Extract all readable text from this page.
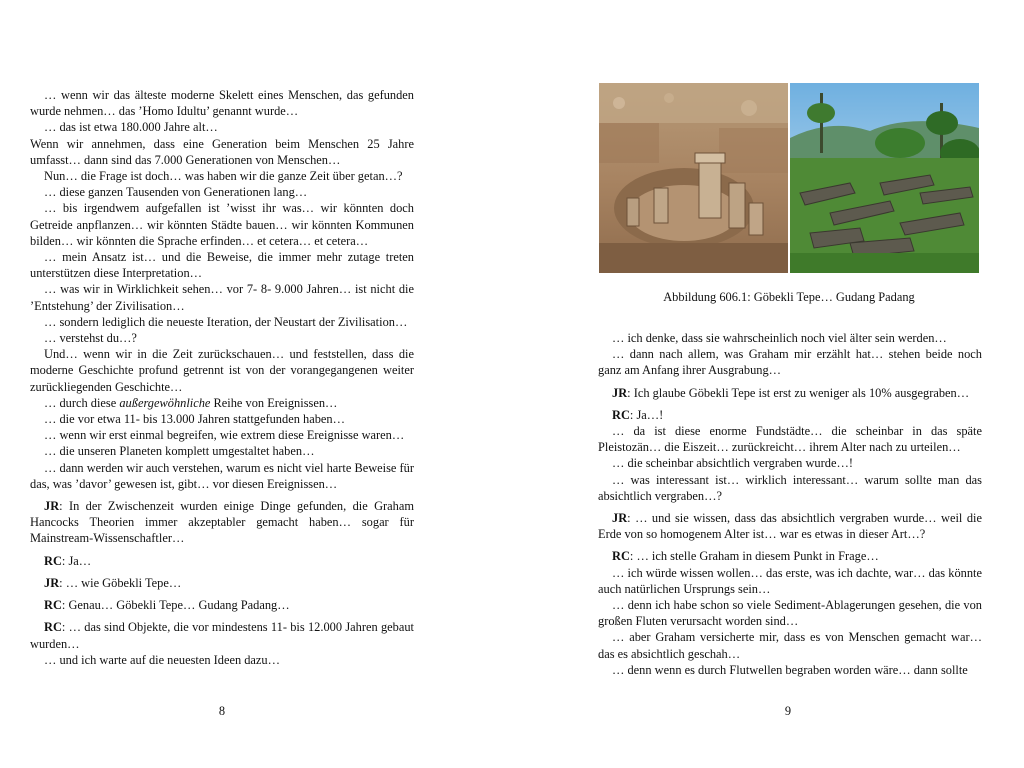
… wenn wir das älteste moderne Skelett eines Menschen, das gefunden wurde nehmen… das ’Homo Idultu’ genannt wurde…

… das ist etwa 180.000 Jahre alt…

Wenn wir annehmen, dass eine Generation beim Menschen 25 Jahre umfasst… dann sind das 7.000 Generationen von Menschen…

Nun… die Frage ist doch… was haben wir die ganze Zeit über getan…?

… diese ganzen Tausenden von Generationen lang…

… bis irgendwem aufgefallen ist ’wisst ihr was… wir könnten doch Getreide anpflanzen… wir könnten Städte bauen… wir könnten Kommunen bilden… wir könnten die Sprache erfinden… et cetera… et cetera…

… mein Ansatz ist… und die Beweise, die immer mehr zutage treten unterstützen diese Interpretation…

… was wir in Wirklichkeit sehen… vor 7- 8- 9.000 Jahren… ist nicht die ’Entstehung’ der Zivilisation…

… sondern lediglich die neueste Iteration, der Neustart der Zivilisation…

… verstehst du…?

Und… wenn wir in die Zeit zurückschauen… und feststellen, dass die moderne Geschichte profund getrennt ist von der vorangegangenen weiter zurückliegenden Geschichte…

… durch diese außergewöhnliche Reihe von Ereignissen…

… die vor etwa 11- bis 13.000 Jahren stattgefunden haben…

… wenn wir erst einmal begreifen, wie extrem diese Ereignisse waren…

… die unseren Planeten komplett umgestaltet haben…

… dann werden wir auch verstehen, warum es nicht viel harte Beweise für das, was ’davor’ gewesen ist, gibt… vor diesen Ereignissen…

JR: In der Zwischenzeit wurden einige Dinge gefunden, die Graham Hancocks Theorien immer akzeptabler gemacht haben… sogar für Mainstream-Wissenschaftler…

RC: Ja…

JR: … wie Göbekli Tepe…

RC: Genau… Göbekli Tepe… Gudang Padang…

RC: … das sind Objekte, die vor mindestens 11- bis 12.000 Jahren gebaut wurden…

… und ich warte auf die neuesten Ideen dazu…

8
Abbildung 606.1: Göbekli Tepe… Gudang Padang

… ich denke, dass sie wahrscheinlich noch viel älter sein werden…

… dann nach allem, was Graham mir erzählt hat… stehen beide noch ganz am Anfang ihrer Ausgrabung…

JR: Ich glaube Göbekli Tepe ist erst zu weniger als 10% ausgegraben…

RC: Ja…!

… da ist diese enorme Fundstädte… die scheinbar in das späte Pleistozän… die Eiszeit… zurückreicht… ihrem Alter nach zu urteilen…

… die scheinbar absichtlich vergraben wurde…!

… was interessant ist… wirklich interessant… warum sollte man das absichtlich vergraben…?

JR: … und sie wissen, dass das absichtlich vergraben wurde… weil die Erde von so homogenem Alter ist… war es etwas in dieser Art…?

RC: … ich stelle Graham in diesem Punkt in Frage…

… ich würde wissen wollen… das erste, was ich dachte, war… das könnte auch natürlichen Ursprungs sein…

… denn ich habe schon so viele Sediment-Ablagerungen gesehen, die von großen Fluten verursacht worden sind…

… aber Graham versicherte mir, dass es von Menschen gemacht war… das es absichtlich geschah…

… denn wenn es durch Flutwellen begraben worden wäre… dann sollte

9
